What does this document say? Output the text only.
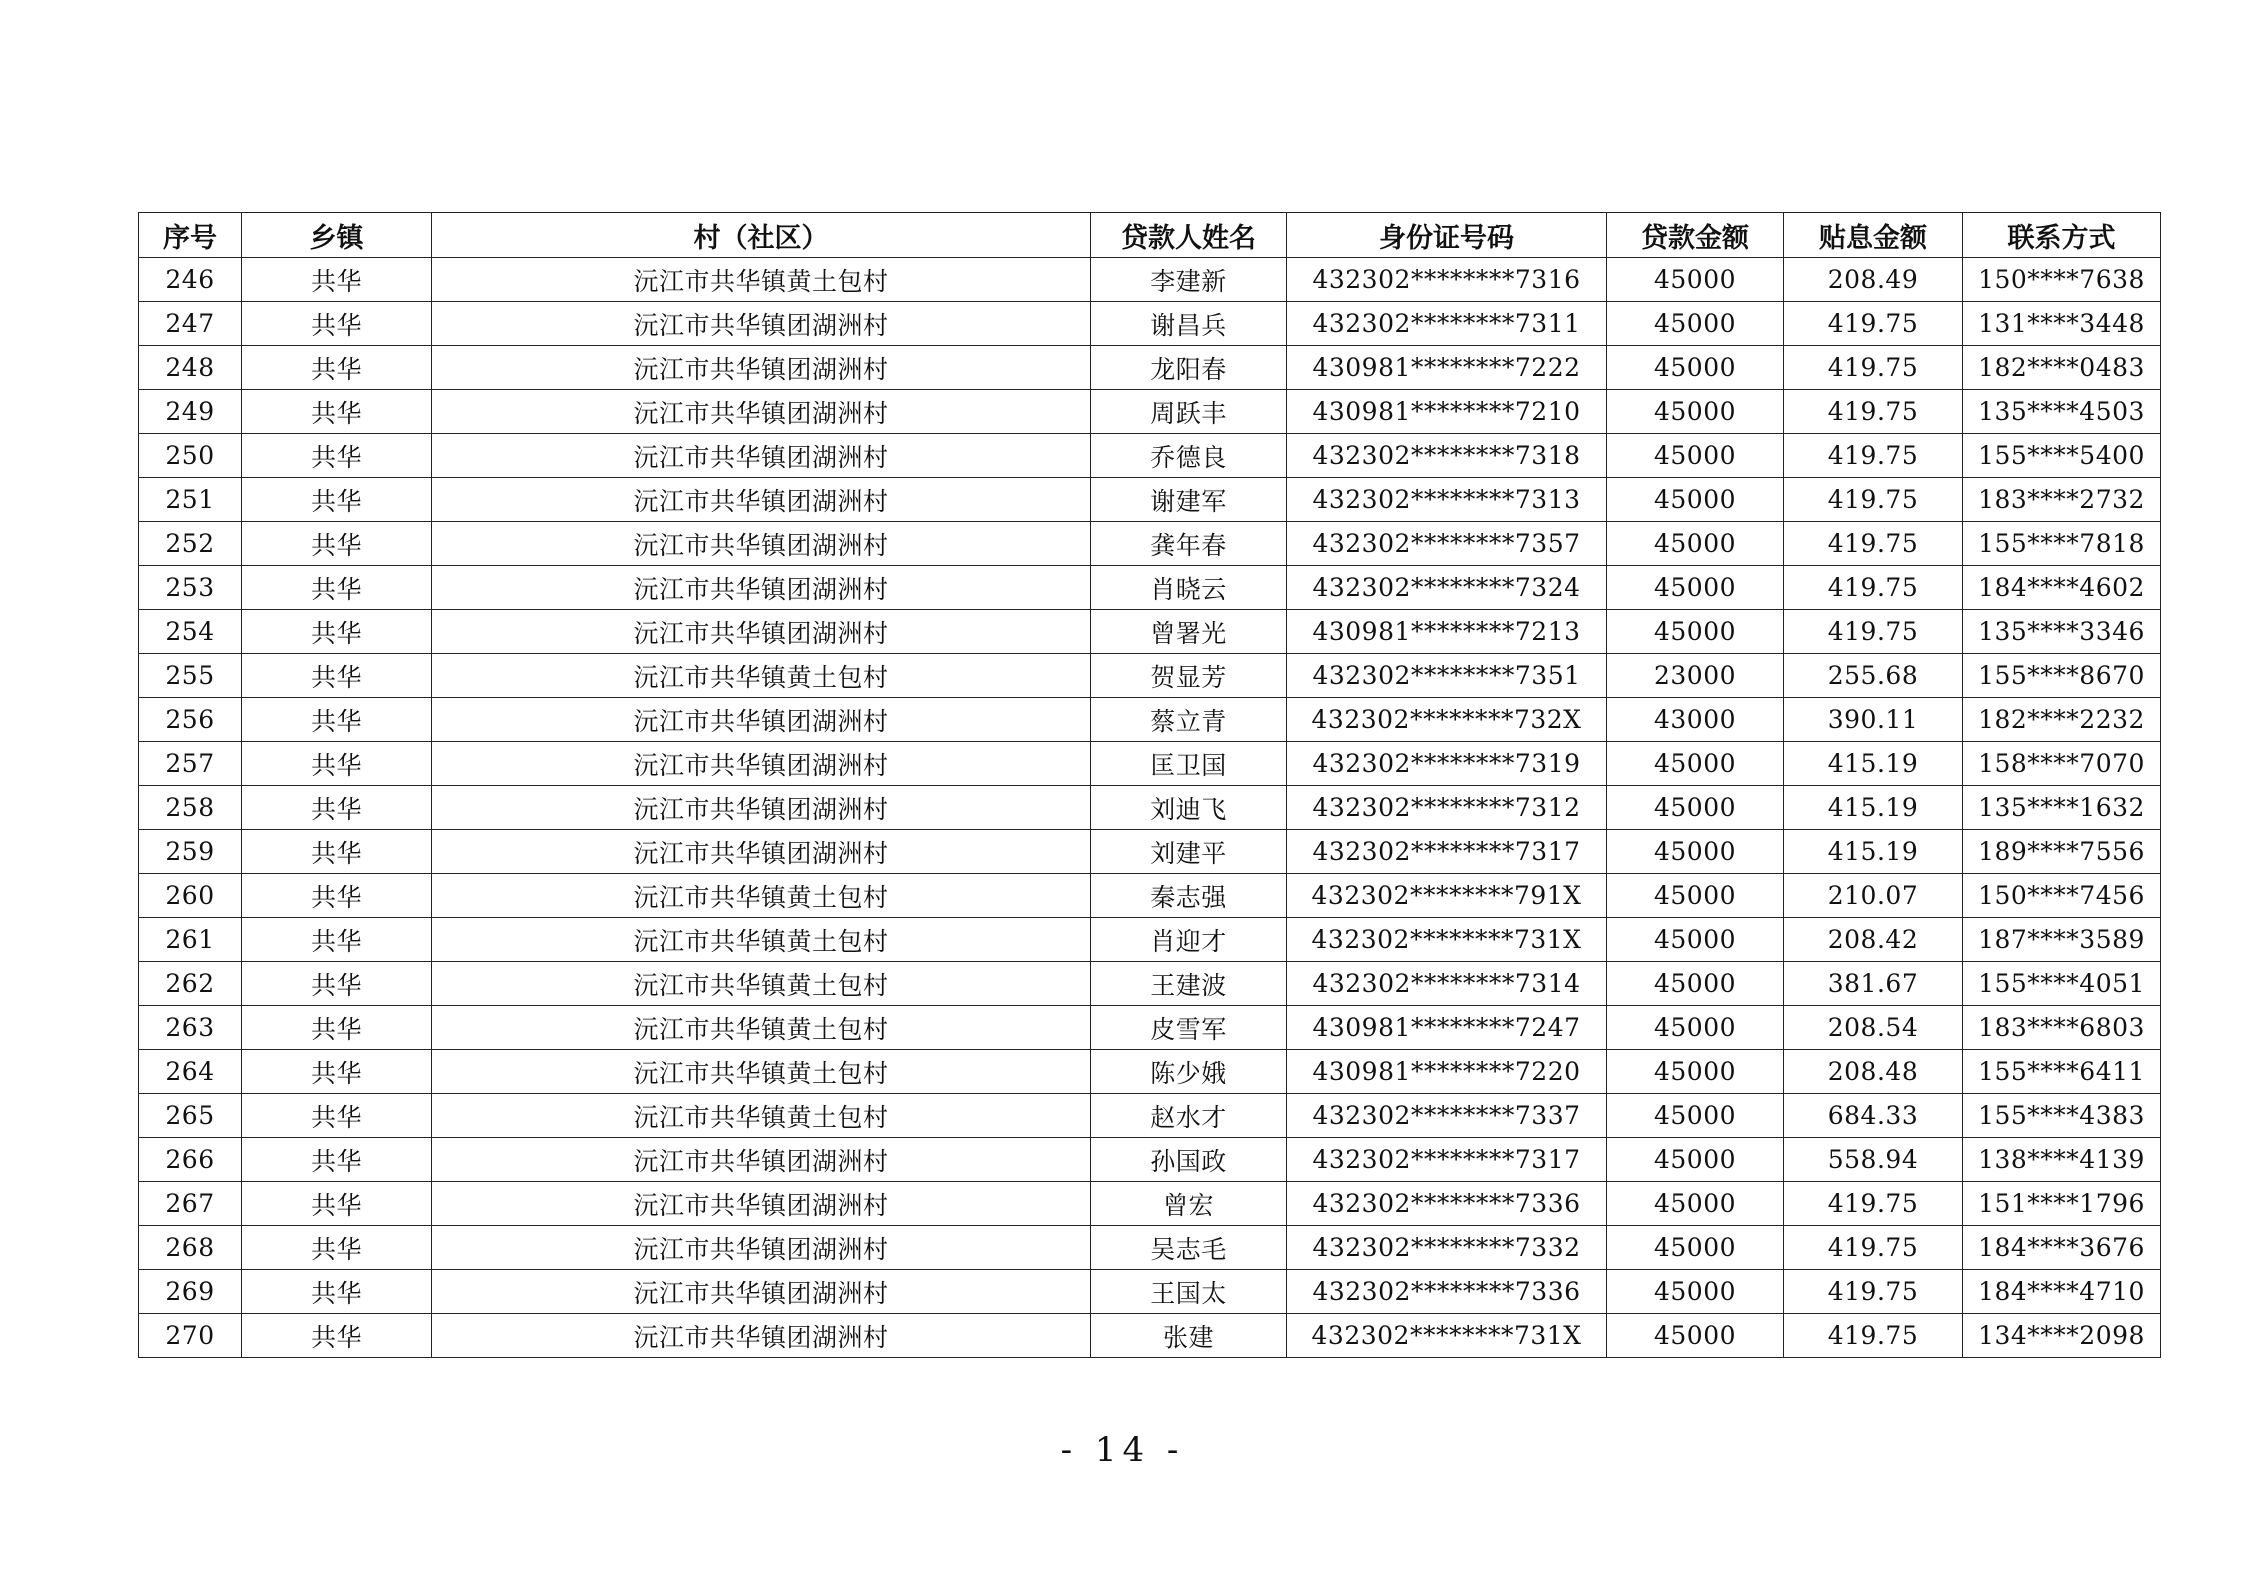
序号	乡镇	村（社区）	贷款人姓名	身份证号码	贷款金额	贴息金额	联系方式
246	共华	沅江市共华镇黄土包村	李建新	432302********7316	45000	208.49	150****7638
247	共华	沅江市共华镇团湖洲村	谢昌兵	432302********7311	45000	419.75	131****3448
248	共华	沅江市共华镇团湖洲村	龙阳春	430981********7222	45000	419.75	182****0483
249	共华	沅江市共华镇团湖洲村	周跃丰	430981********7210	45000	419.75	135****4503
250	共华	沅江市共华镇团湖洲村	乔德良	432302********7318	45000	419.75	155****5400
251	共华	沅江市共华镇团湖洲村	谢建军	432302********7313	45000	419.75	183****2732
252	共华	沅江市共华镇团湖洲村	龚年春	432302********7357	45000	419.75	155****7818
253	共华	沅江市共华镇团湖洲村	肖晓云	432302********7324	45000	419.75	184****4602
254	共华	沅江市共华镇团湖洲村	曾署光	430981********7213	45000	419.75	135****3346
255	共华	沅江市共华镇黄土包村	贺显芳	432302********7351	23000	255.68	155****8670
256	共华	沅江市共华镇团湖洲村	蔡立青	432302********732X	43000	390.11	182****2232
257	共华	沅江市共华镇团湖洲村	匡卫国	432302********7319	45000	415.19	158****7070
258	共华	沅江市共华镇团湖洲村	刘迪飞	432302********7312	45000	415.19	135****1632
259	共华	沅江市共华镇团湖洲村	刘建平	432302********7317	45000	415.19	189****7556
260	共华	沅江市共华镇黄土包村	秦志强	432302********791X	45000	210.07	150****7456
261	共华	沅江市共华镇黄土包村	肖迎才	432302********731X	45000	208.42	187****3589
262	共华	沅江市共华镇黄土包村	王建波	432302********7314	45000	381.67	155****4051
263	共华	沅江市共华镇黄土包村	皮雪军	430981********7247	45000	208.54	183****6803
264	共华	沅江市共华镇黄土包村	陈少娥	430981********7220	45000	208.48	155****6411
265	共华	沅江市共华镇黄土包村	赵水才	432302********7337	45000	684.33	155****4383
266	共华	沅江市共华镇团湖洲村	孙国政	432302********7317	45000	558.94	138****4139
267	共华	沅江市共华镇团湖洲村	曾宏	432302********7336	45000	419.75	151****1796
268	共华	沅江市共华镇团湖洲村	吴志毛	432302********7332	45000	419.75	184****3676
269	共华	沅江市共华镇团湖洲村	王国太	432302********7336	45000	419.75	184****4710
270	共华	沅江市共华镇团湖洲村	张建	432302********731X	45000	419.75	134****2098
- 14 -
